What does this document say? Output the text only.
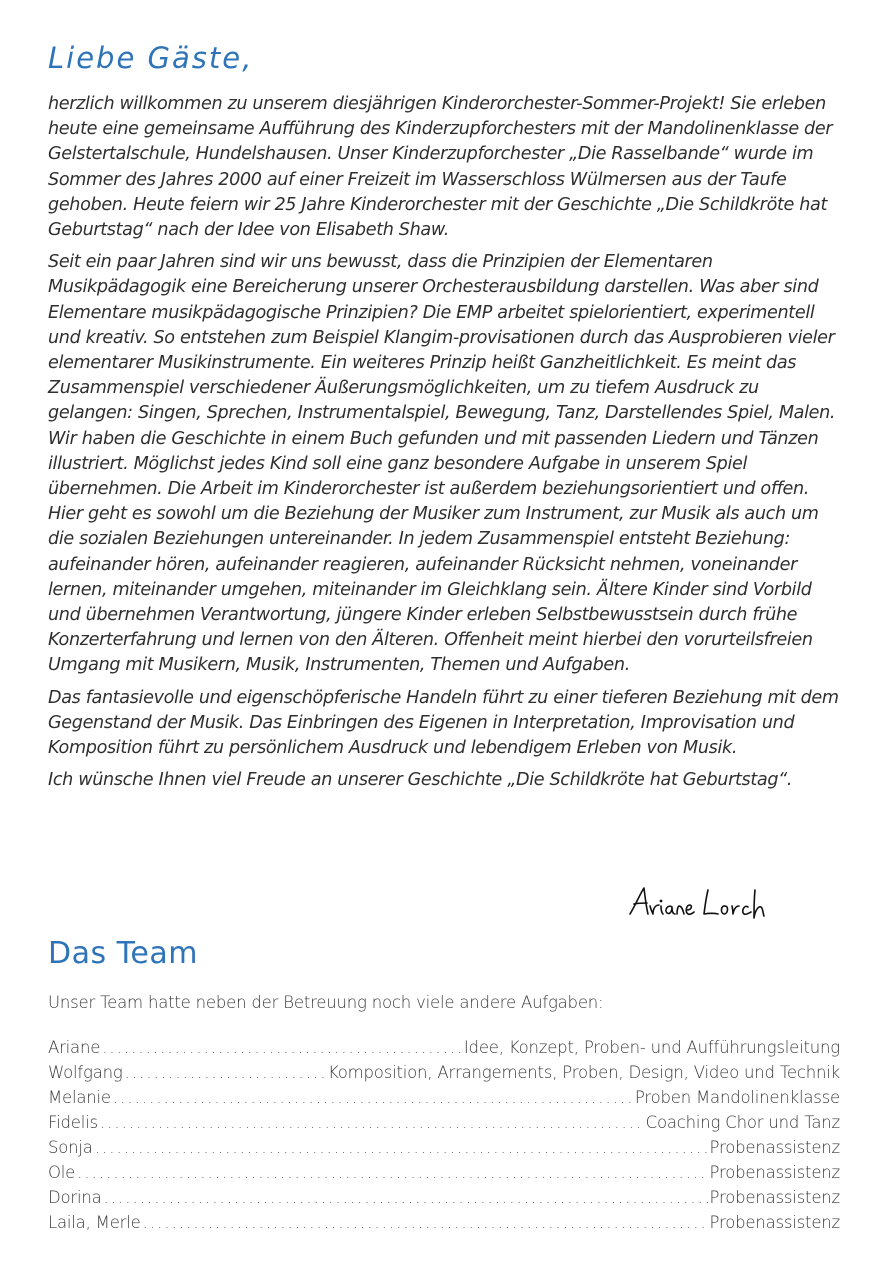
Liebe Gäste,

herzlich willkommen zu unserem diesjährigen Kinderorchester-Sommer-Projekt! Sie erleben heute eine gemeinsame Aufführung des Kinderzupforchesters mit der Mandolinenklasse der Gelstertalschule, Hundelshausen. Unser Kinderzupforchester „Die Rasselbande“ wurde im Sommer des Jahres 2000 auf einer Freizeit im Wasserschloss Wülmersen aus der Taufe gehoben. Heute feiern wir 25 Jahre Kinderorchester mit der Geschichte „Die Schildkröte hat Geburtstag“ nach der Idee von Elisabeth Shaw.

Seit ein paar Jahren sind wir uns bewusst, dass die Prinzipien der Elementaren Musikpädagogik eine Bereicherung unserer Orchesterausbildung darstellen. Was aber sind Elementare musikpädagogische Prinzipien? Die EMP arbeitet spielorientiert, experimentell und kreativ. So entstehen zum Beispiel Klangim-provisationen durch das Ausprobieren vieler elementarer Musikinstrumente. Ein weiteres Prinzip heißt Ganzheitlichkeit. Es meint das Zusammenspiel verschiedener Äußerungsmöglichkeiten, um zu tiefem Ausdruck zu gelangen: Singen, Sprechen, Instrumentalspiel, Bewegung, Tanz, Darstellendes Spiel, Malen. Wir haben die Geschichte in einem Buch gefunden und mit passenden Liedern und Tänzen illustriert. Möglichst jedes Kind soll eine ganz besondere Aufgabe in unserem Spiel übernehmen. Die Arbeit im Kinderorchester ist außerdem beziehungsorientiert und offen. Hier geht es sowohl um die Beziehung der Musiker zum Instrument, zur Musik als auch um die sozialen Beziehungen untereinander. In jedem Zusammenspiel entsteht Beziehung: aufeinander hören, aufeinander reagieren, aufeinander Rücksicht nehmen, voneinander lernen, miteinander umgehen, miteinander im Gleichklang sein. Ältere Kinder sind Vorbild und übernehmen Verantwortung, jüngere Kinder erleben Selbstbewusstsein durch frühe Konzerterfahrung und lernen von den Älteren. Offenheit meint hierbei den vorurteilsfreien Umgang mit Musikern, Musik, Instrumenten, Themen und Aufgaben.

Das fantasievolle und eigenschöpferische Handeln führt zu einer tieferen Beziehung mit dem Gegenstand der Musik. Das Einbringen des Eigenen in Interpretation, Improvisation und Komposition führt zu persönlichem Ausdruck und lebendigem Erleben von Musik.

Ich wünsche Ihnen viel Freude an unserer Geschichte „Die Schildkröte hat Geburtstag“.

Das Team

Unser Team hatte neben der Betreuung noch viele andere Aufgaben:

Ariane .....	Idee, Konzept, Proben- und Aufführungsleitung
Wolfgang .....	Komposition, Arrangements, Proben, Design, Video und Technik
Melanie .....	Proben Mandolinenklasse
Fidelis .....	Coaching Chor und Tanz
Sonja .....	Probenassistenz
Ole .....	Probenassistenz
Dorina .....	Probenassistenz
Laila, Merle .....	Probenassistenz
